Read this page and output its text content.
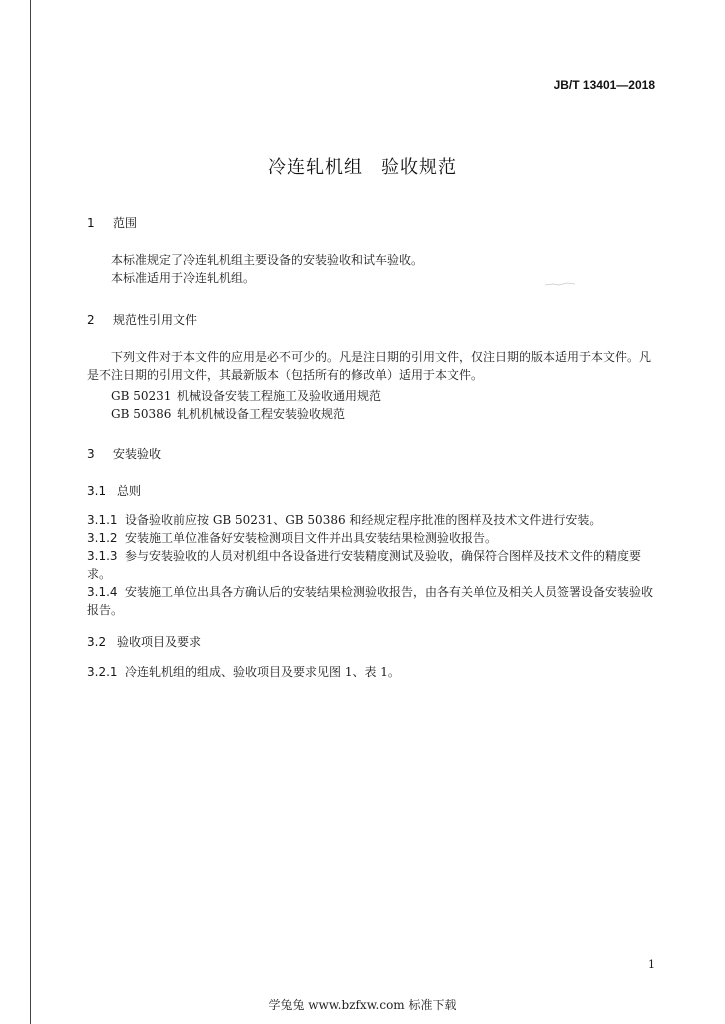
JB/T 13401—2018
冷连轧机组 验收规范
1 范围
本标准规定了冷连轧机组主要设备的安装验收和试车验收。
本标准适用于冷连轧机组。
2 规范性引用文件
下列文件对于本文件的应用是必不可少的。凡是注日期的引用文件，仅注日期的版本适用于本文件。凡是不注日期的引用文件，其最新版本（包括所有的修改单）适用于本文件。
GB 50231 机械设备安装工程施工及验收通用规范
GB 50386 轧机机械设备工程安装验收规范
3 安装验收
3.1 总则
3.1.1 设备验收前应按 GB 50231、GB 50386 和经规定程序批准的图样及技术文件进行安装。
3.1.2 安装施工单位准备好安装检测项目文件并出具安装结果检测验收报告。
3.1.3 参与安装验收的人员对机组中各设备进行安装精度测试及验收，确保符合图样及技术文件的精度要求。
3.1.4 安装施工单位出具各方确认后的安装结果检测验收报告，由各有关单位及相关人员签署设备安装验收报告。
3.2 验收项目及要求
3.2.1 冷连轧机组的组成、验收项目及要求见图 1、表 1。
1
学兔兔 www.bzfxw.com 标准下载
